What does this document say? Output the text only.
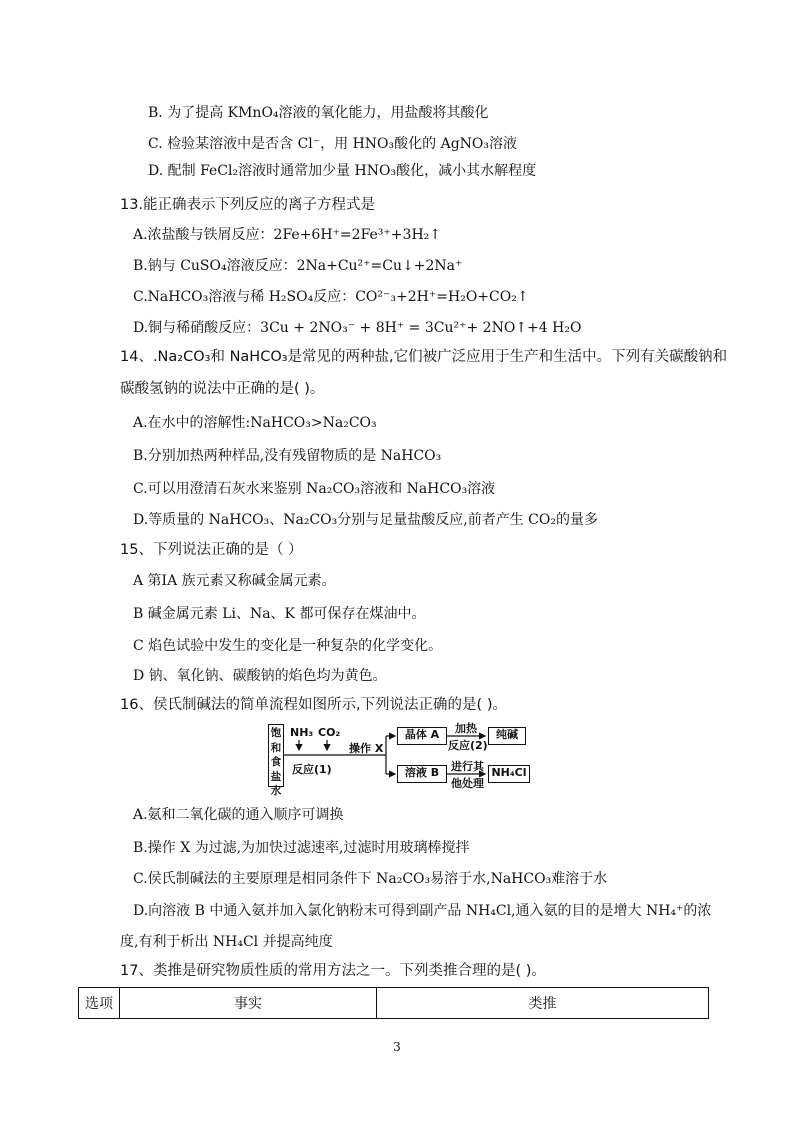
B. 为了提高 KMnO₄溶液的氧化能力，用盐酸将其酸化
C. 检验某溶液中是否含 Cl⁻，用 HNO₃酸化的 AgNO₃溶液
D. 配制 FeCl₂溶液时通常加少量 HNO₃酸化，减小其水解程度
13.能正确表示下列反应的离子方程式是
A.浓盐酸与铁屑反应：2Fe+6H⁺=2Fe³⁺+3H₂↑
B.钠与 CuSO₄溶液反应：2Na+Cu²⁺=Cu↓+2Na⁺
C.NaHCO₃溶液与稀 H₂SO₄反应：CO²⁻₃+2H⁺=H₂O+CO₂↑
D.铜与稀硝酸反应：3Cu + 2NO₃⁻ + 8H⁺ = 3Cu²⁺+ 2NO↑+4 H₂O
14、.Na₂CO₃和 NaHCO₃是常见的两种盐,它们被广泛应用于生产和生活中。下列有关碳酸钠和
碳酸氢钠的说法中正确的是( )。
A.在水中的溶解性:NaHCO₃>Na₂CO₃
B.分别加热两种样品,没有残留物质的是 NaHCO₃
C.可以用澄清石灰水来鉴别 Na₂CO₃溶液和 NaHCO₃溶液
D.等质量的 NaHCO₃、Na₂CO₃分别与足量盐酸反应,前者产生 CO₂的量多
15、下列说法正确的是（ ）
A 第ⅠA 族元素又称碱金属元素。
B 碱金属元素 Li、Na、K 都可保存在煤油中。
C 焰色试验中发生的变化是一种复杂的化学变化。
D 钠、氧化钠、碳酸钠的焰色均为黄色。
16、侯氏制碱法的简单流程如图所示,下列说法正确的是( )。
饱和食盐水
NH₃ CO₂
反应(1)
操作 X
晶体 A	加热
反应(2)
纯碱
溶液 B	进行其
他处理
NH₄Cl
A.氨和二氧化碳的通入顺序可调换
B.操作 X 为过滤,为加快过滤速率,过滤时用玻璃棒搅拌
C.侯氏制碱法的主要原理是相同条件下 Na₂CO₃易溶于水,NaHCO₃难溶于水
D.向溶液 B 中通入氨并加入氯化钠粉末可得到副产品 NH₄Cl,通入氨的目的是增大 NH₄⁺的浓
度,有利于析出 NH₄Cl 并提高纯度
17、类推是研究物质性质的常用方法之一。下列类推合理的是( )。
选项	事实	类推
3
